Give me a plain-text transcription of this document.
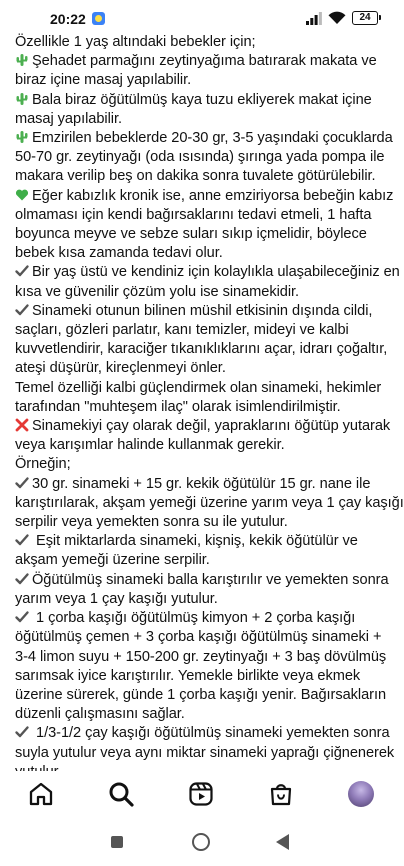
20:22	24
Özellikle 1 yaş altındaki bebekler için;
Şehadet parmağını zeytinyağıma batırarak makata ve
biraz içine masaj yapılabilir.
Bala biraz öğütülmüş kaya tuzu ekliyerek makat içine
masaj yapılabilir.
Emzirilen bebeklerde 20-30 gr, 3-5 yaşındaki çocuklarda
50-70 gr. zeytinyağı (oda ısısında) şırınga yada pompa ile
makara verilip beş on dakika sonra tuvalete götürülebilir.
Eğer kabızlık kronik ise, anne emziriyorsa bebeğin kabız
olmaması için kendi bağırsaklarını tedavi etmeli, 1 hafta
boyunca meyve ve sebze suları sıkıp içmelidir, böylece
bebek kısa zamanda tedavi olur.
Bir yaş üstü ve kendiniz için kolaylıkla ulaşabileceğiniz en
kısa ve güvenilir çözüm yolu ise sinamekidir.
Sinameki otunun bilinen müshil etkisinin dışında cildi,
saçları, gözleri parlatır, kanı temizler, mideyi ve kalbi
kuvvetlendirir, karaciğer tıkanıklıklarını açar, idrarı çoğaltır,
ateşi düşürür, kireçlenmeyi önler.
Temel özelliği kalbi güçlendirmek olan sinameki, hekimler
tarafından "muhteşem ilaç" olarak isimlendirilmiştir.
Sinamekiyi çay olarak değil, yapraklarını öğütüp yutarak
veya karışımlar halinde kullanmak gerekir.
Örneğin;
30 gr. sinameki + 15 gr. kekik öğütülür 15 gr. nane ile
karıştırılarak, akşam yemeği üzerine yarım veya 1 çay kaşığı
serpilir veya yemekten sonra su ile yutulur.
Eşit miktarlarda sinameki, kişniş, kekik öğütülür ve
akşam yemeği üzerine serpilir.
Öğütülmüş sinameki balla karıştırılır ve yemekten sonra
yarım veya 1 çay kaşığı yutulur.
1 çorba kaşığı öğütülmüş kimyon + 2 çorba kaşığı
öğütülmüş çemen + 3 çorba kaşığı öğütülmüş sinameki +
3-4 limon suyu + 150-200 gr. zeytinyağı + 3 baş dövülmüş
sarımsak iyice karıştırılır. Yemekle birlikte veya ekmek
üzerine sürerek, günde 1 çorba kaşığı yenir. Bağırsakların
düzenli çalışmasını sağlar.
1/3-1/2 çay kaşığı öğütülmüş sinameki yemekten sonra
suyla yutulur veya aynı miktar sinameki yaprağı çiğnenerek
